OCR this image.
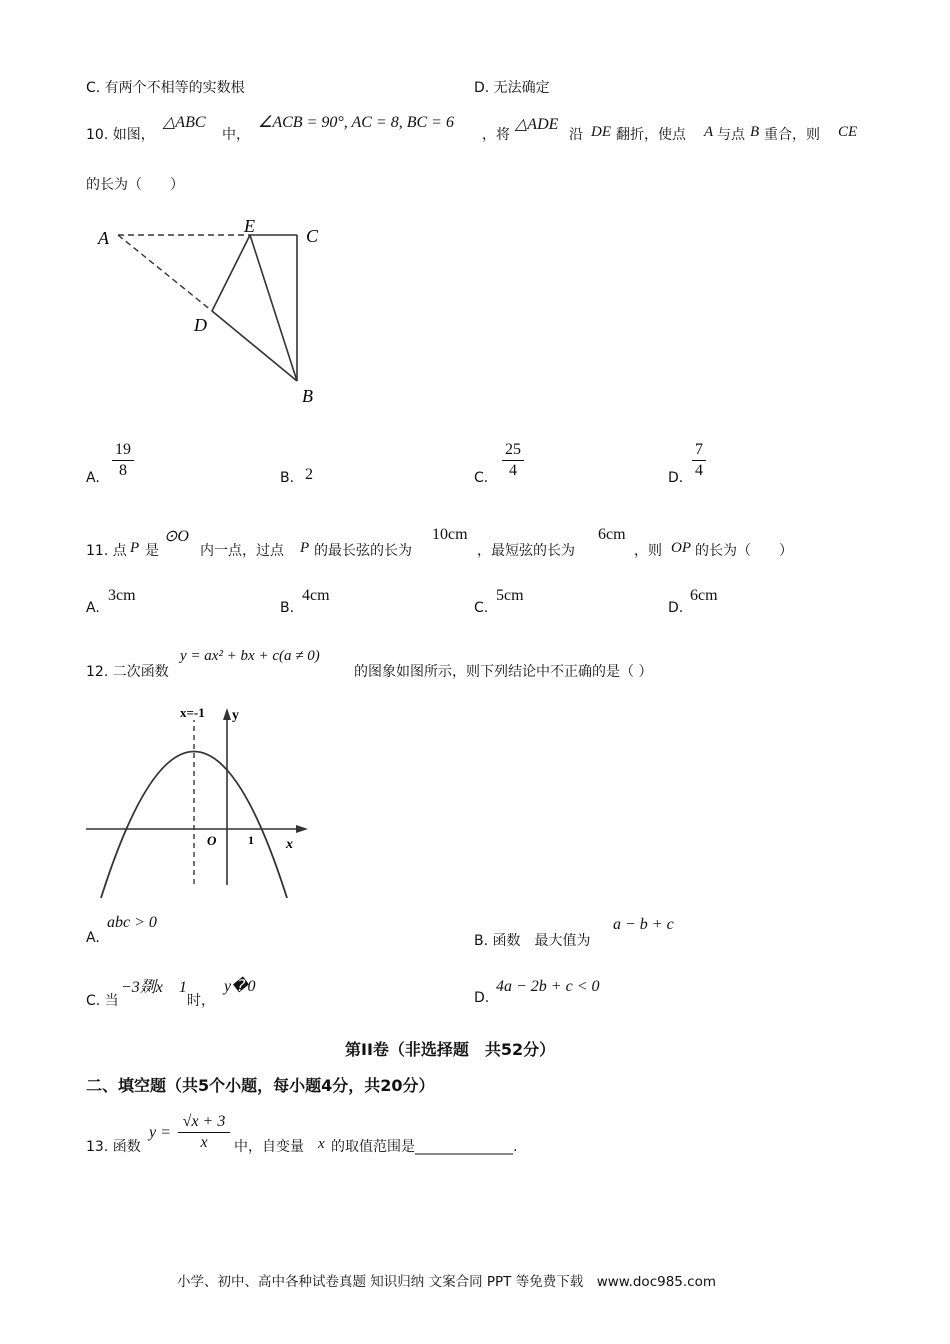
C. 有两个不相等的实数根	D. 无法确定
10. 如图，
△ABC
中，
∠ACB = 90°, AC = 8, BC = 6
，将
△ADE
沿 DE 翻折，使点 A 与点 B 重合，则 CE
的长为（　　）
A
E	C
D
B
A.
19
8	B. 2	C.
25
4	D.
7
4
11. 点 P 是
⊙O
内一点，过点 P 的最长弦的长为
10cm
，最短弦的长为
6cm
，则 OP 的长为（　　）
A.
3cm
B.
4cm
C.
5cm
D.
6cm
12. 二次函数
y = ax² + bx + c(a ≠ 0)
的图象如图所示，则下列结论中不正确的是（ ）
x=-1 y
O	1 x
A.
abc > 0
B. 函数　最大值为
a − b + c
C. 当
−3剟x　1
时，
y�0
D.
4a − 2b + c < 0
第II卷（非选择题　共52分）
二、填空题（共5个小题，每小题4分，共20分）
13. 函数
y =
√x + 3
x 中，自变量 x 的取值范围是______________.
小学、初中、高中各种试卷真题 知识归纳 文案合同 PPT 等免费下载　www.doc985.com
